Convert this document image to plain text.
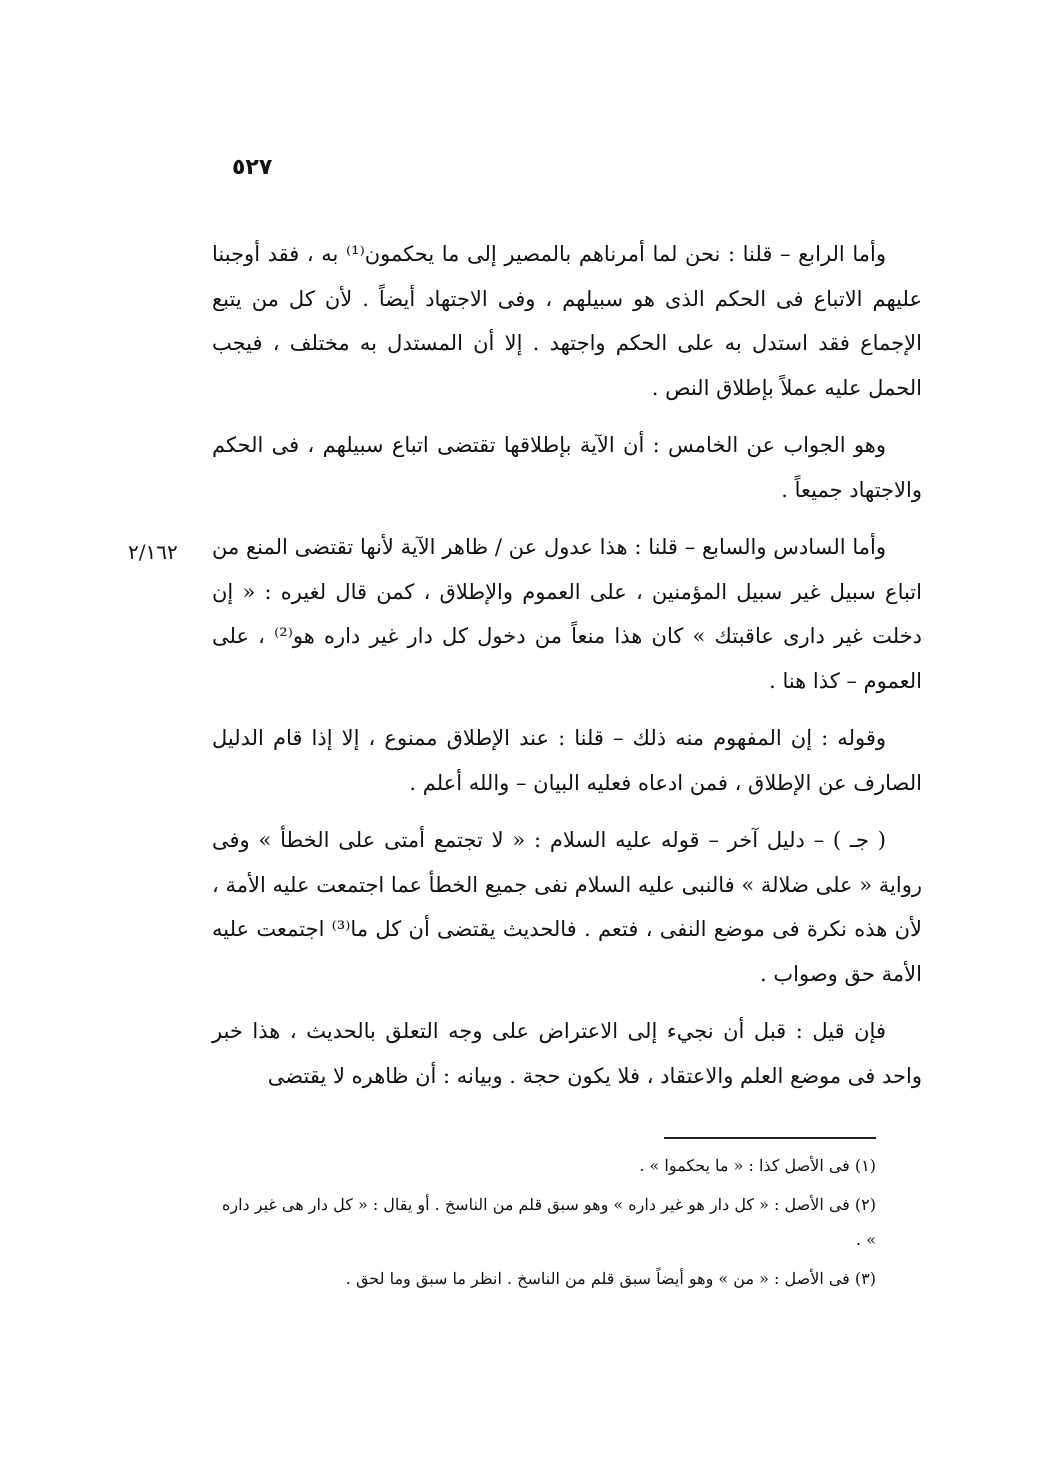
٥٢٧
٢/١٦٢

وأما الرابع – قلنا : نحن لما أمرناهم بالمصير إلى ما يحكمون⁽¹⁾ به ، فقد أوجبنا عليهم الاتباع فى الحكم الذى هو سبيلهم ، وفى الاجتهاد أيضاً . لأن كل من يتبع الإجماع فقد استدل به على الحكم واجتهد . إلا أن المستدل به مختلف ، فيجب الحمل عليه عملاً بإطلاق النص .

وهو الجواب عن الخامس : أن الآية بإطلاقها تقتضى اتباع سبيلهم ، فى الحكم والاجتهاد جميعاً .

وأما السادس والسابع – قلنا : هذا عدول عن / ظاهر الآية لأنها تقتضى المنع من اتباع سبيل غير سبيل المؤمنين ، على العموم والإطلاق ، كمن قال لغيره : « إن دخلت غير دارى عاقبتك » كان هذا منعاً من دخول كل دار غير داره هو⁽²⁾ ، على العموم – كذا هنا .

وقوله : إن المفهوم منه ذلك – قلنا : عند الإطلاق ممنوع ، إلا إذا قام الدليل الصارف عن الإطلاق ، فمن ادعاه فعليه البيان – والله أعلم .

( جـ ) – دليل آخر – قوله عليه السلام : « لا تجتمع أمتى على الخطأ » وفى رواية « على ضلالة » فالنبى عليه السلام نفى جميع الخطأ عما اجتمعت عليه الأمة ، لأن هذه نكرة فى موضع النفى ، فتعم . فالحديث يقتضى أن كل ما⁽³⁾ اجتمعت عليه الأمة حق وصواب .

فإن قيل : قبل أن نجيء إلى الاعتراض على وجه التعلق بالحديث ، هذا خبر واحد فى موضع العلم والاعتقاد ، فلا يكون حجة . وبيانه : أن ظاهره لا يقتضى

(١) فى الأصل كذا : « ما يحكموا » .

(٢) فى الأصل : « كل دار هو غير داره » وهو سبق قلم من الناسخ . أو يقال : « كل دار هى غير داره » .

(٣) فى الأصل : « من » وهو أيضاً سبق قلم من الناسخ . انظر ما سبق وما لحق .
